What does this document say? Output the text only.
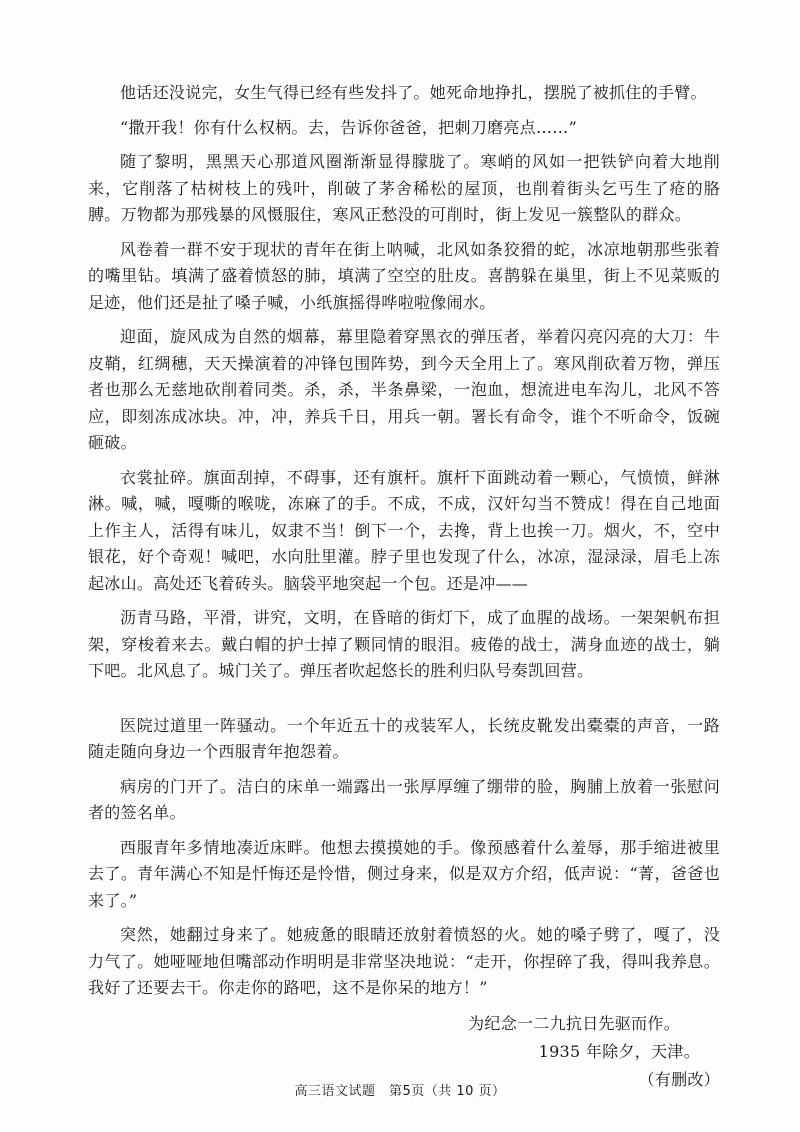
他话还没说完，女生气得已经有些发抖了。她死命地挣扎，摆脱了被抓住的手臂。

“撒开我！你有什么权柄。去，告诉你爸爸，把刺刀磨亮点……”

随了黎明，黑黑天心那道风圈渐渐显得朦胧了。寒峭的风如一把铁铲向着大地削来，它削落了枯树枝上的残叶，削破了茅舍稀松的屋顶，也削着街头乞丐生了疮的胳膊。万物都为那残暴的风慑服住，寒风正愁没的可削时，街上发见一簇整队的群众。

风卷着一群不安于现状的青年在街上呐喊，北风如条狡猾的蛇，冰凉地朝那些张着的嘴里钻。填满了盛着愤怒的肺，填满了空空的肚皮。喜鹊躲在巢里，街上不见菜贩的足迹，他们还是扯了嗓子喊，小纸旗摇得哗啦啦像闹水。

迎面，旋风成为自然的烟幕，幕里隐着穿黑衣的弹压者，举着闪亮闪亮的大刀：牛皮鞘，红绸穗，天天操演着的冲锋包围阵势，到今天全用上了。寒风削砍着万物，弹压者也那么无慈地砍削着同类。杀，杀，半条鼻梁，一泡血，想流进电车沟儿，北风不答应，即刻冻成冰块。冲，冲，养兵千日，用兵一朝。署长有命令，谁个不听命令，饭碗砸破。

衣裳扯碎。旗面刮掉，不碍事，还有旗杆。旗杆下面跳动着一颗心，气愤愤，鲜淋淋。喊，喊，嘎嘶的喉咙，冻麻了的手。不成，不成，汉奸勾当不赞成！得在自己地面上作主人，活得有味儿，奴隶不当！倒下一个，去搀，背上也挨一刀。烟火，不，空中银花，好个奇观！喊吧，水向肚里灌。脖子里也发现了什么，冰凉，湿渌渌，眉毛上冻起冰山。高处还飞着砖头。脑袋平地突起一个包。还是冲——

沥青马路，平滑，讲究，文明，在昏暗的街灯下，成了血腥的战场。一架架帆布担架，穿梭着来去。戴白帽的护士掉了颗同情的眼泪。疲倦的战士，满身血迹的战士，躺下吧。北风息了。城门关了。弹压者吹起悠长的胜利归队号奏凯回营。

医院过道里一阵骚动。一个年近五十的戎装军人，长统皮靴发出橐橐的声音，一路随走随向身边一个西服青年抱怨着。

病房的门开了。洁白的床单一端露出一张厚厚缠了绷带的脸，胸脯上放着一张慰问者的签名单。

西服青年多情地凑近床畔。他想去摸摸她的手。像预感着什么羞辱，那手缩进被里去了。青年满心不知是忏悔还是怜惜，侧过身来，似是双方介绍，低声说：“菁，爸爸也来了。”

突然，她翻过身来了。她疲惫的眼睛还放射着愤怒的火。她的嗓子劈了，嘎了，没力气了。她哑哑地但嘴部动作明明是非常坚决地说：“走开，你捏碎了我，得叫我养息。我好了还要去干。你走你的路吧，这不是你呆的地方！”

为纪念一二九抗日先驱而作。

1935 年除夕，天津。

（有删改）

高三语文试题　第5页（共 10 页）
